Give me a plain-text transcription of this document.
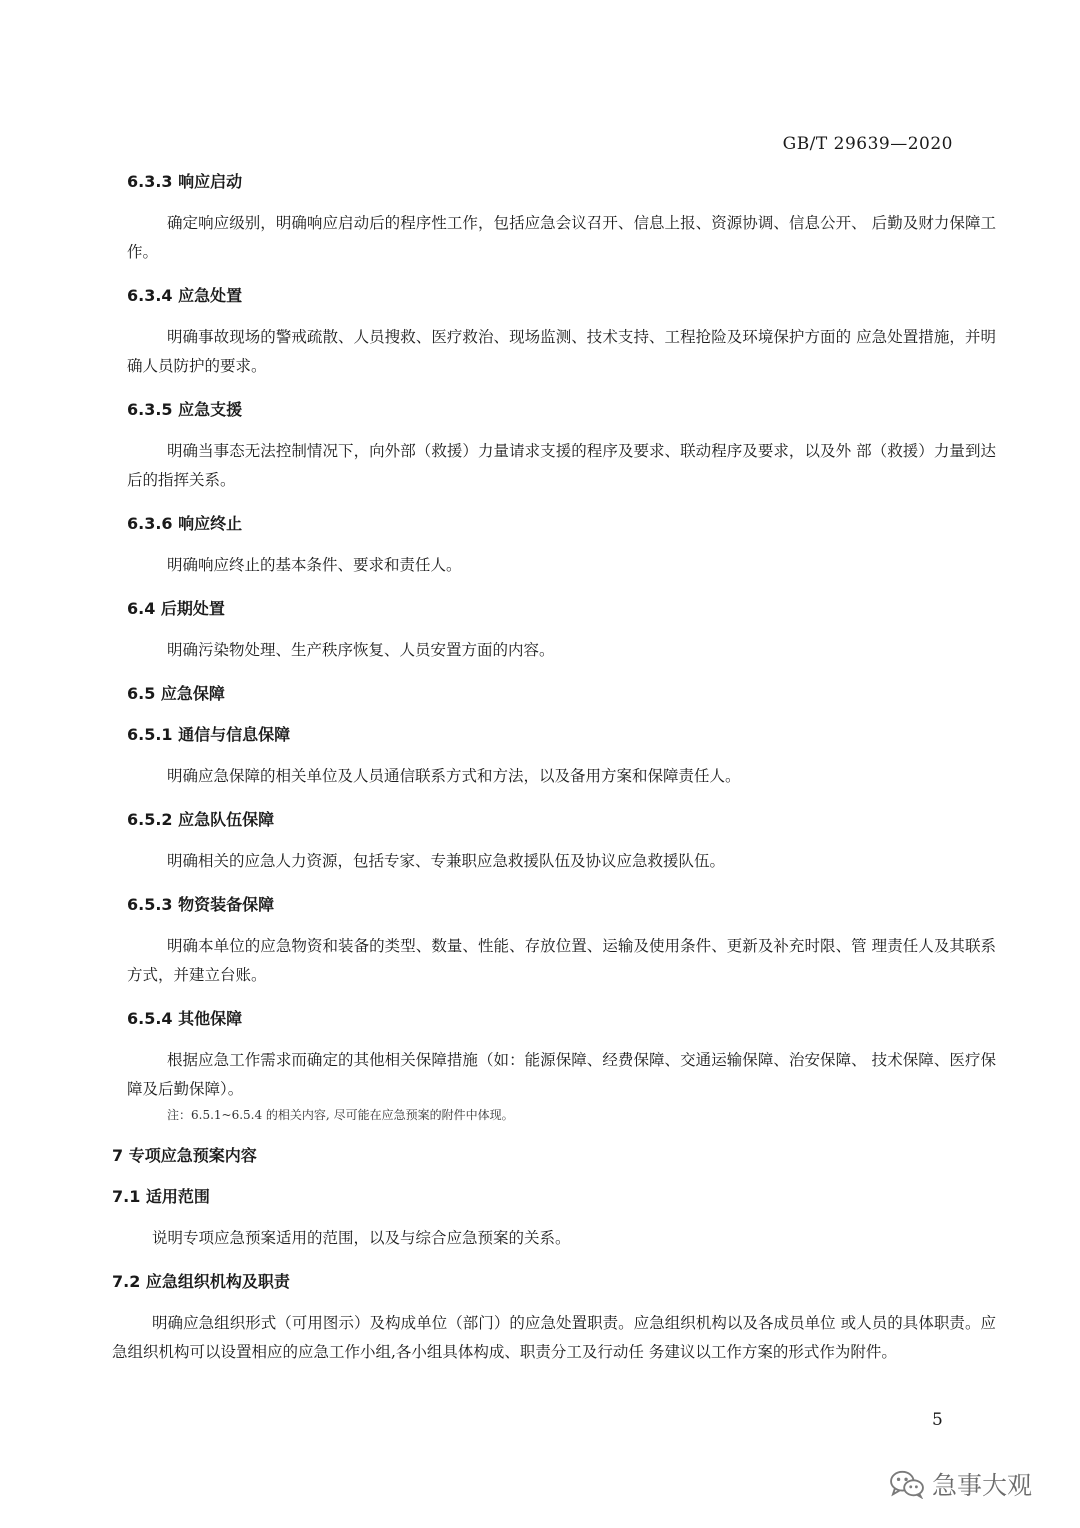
GB/T 29639—2020
6.3.3 响应启动
确定响应级别，明确响应启动后的程序性工作，包括应急会议召开、信息上报、资源协调、信息公开、 后勤及财力保障工作。
6.3.4 应急处置
明确事故现场的警戒疏散、人员搜救、医疗救治、现场监测、技术支持、工程抢险及环境保护方面的 应急处置措施，并明确人员防护的要求。
6.3.5 应急支援
明确当事态无法控制情况下，向外部（救援）力量请求支援的程序及要求、联动程序及要求，以及外 部（救援）力量到达后的指挥关系。
6.3.6 响应终止
明确响应终止的基本条件、要求和责任人。
6.4 后期处置
明确污染物处理、生产秩序恢复、人员安置方面的内容。
6.5 应急保障
6.5.1 通信与信息保障
明确应急保障的相关单位及人员通信联系方式和方法，以及备用方案和保障责任人。
6.5.2 应急队伍保障
明确相关的应急人力资源，包括专家、专兼职应急救援队伍及协议应急救援队伍。
6.5.3 物资装备保障
明确本单位的应急物资和装备的类型、数量、性能、存放位置、运输及使用条件、更新及补充时限、管 理责任人及其联系方式，并建立台账。
6.5.4 其他保障
根据应急工作需求而确定的其他相关保障措施（如：能源保障、经费保障、交通运输保障、治安保障、 技术保障、医疗保障及后勤保障）。
注：6.5.1~6.5.4 的相关内容, 尽可能在应急预案的附件中体现。
7 专项应急预案内容
7.1 适用范围
说明专项应急预案适用的范围，以及与综合应急预案的关系。
7.2 应急组织机构及职责
明确应急组织形式（可用图示）及构成单位（部门）的应急处置职责。应急组织机构以及各成员单位 或人员的具体职责。应急组织机构可以设置相应的应急工作小组,各小组具体构成、职责分工及行动任 务建议以工作方案的形式作为附件。
5
急事大观
